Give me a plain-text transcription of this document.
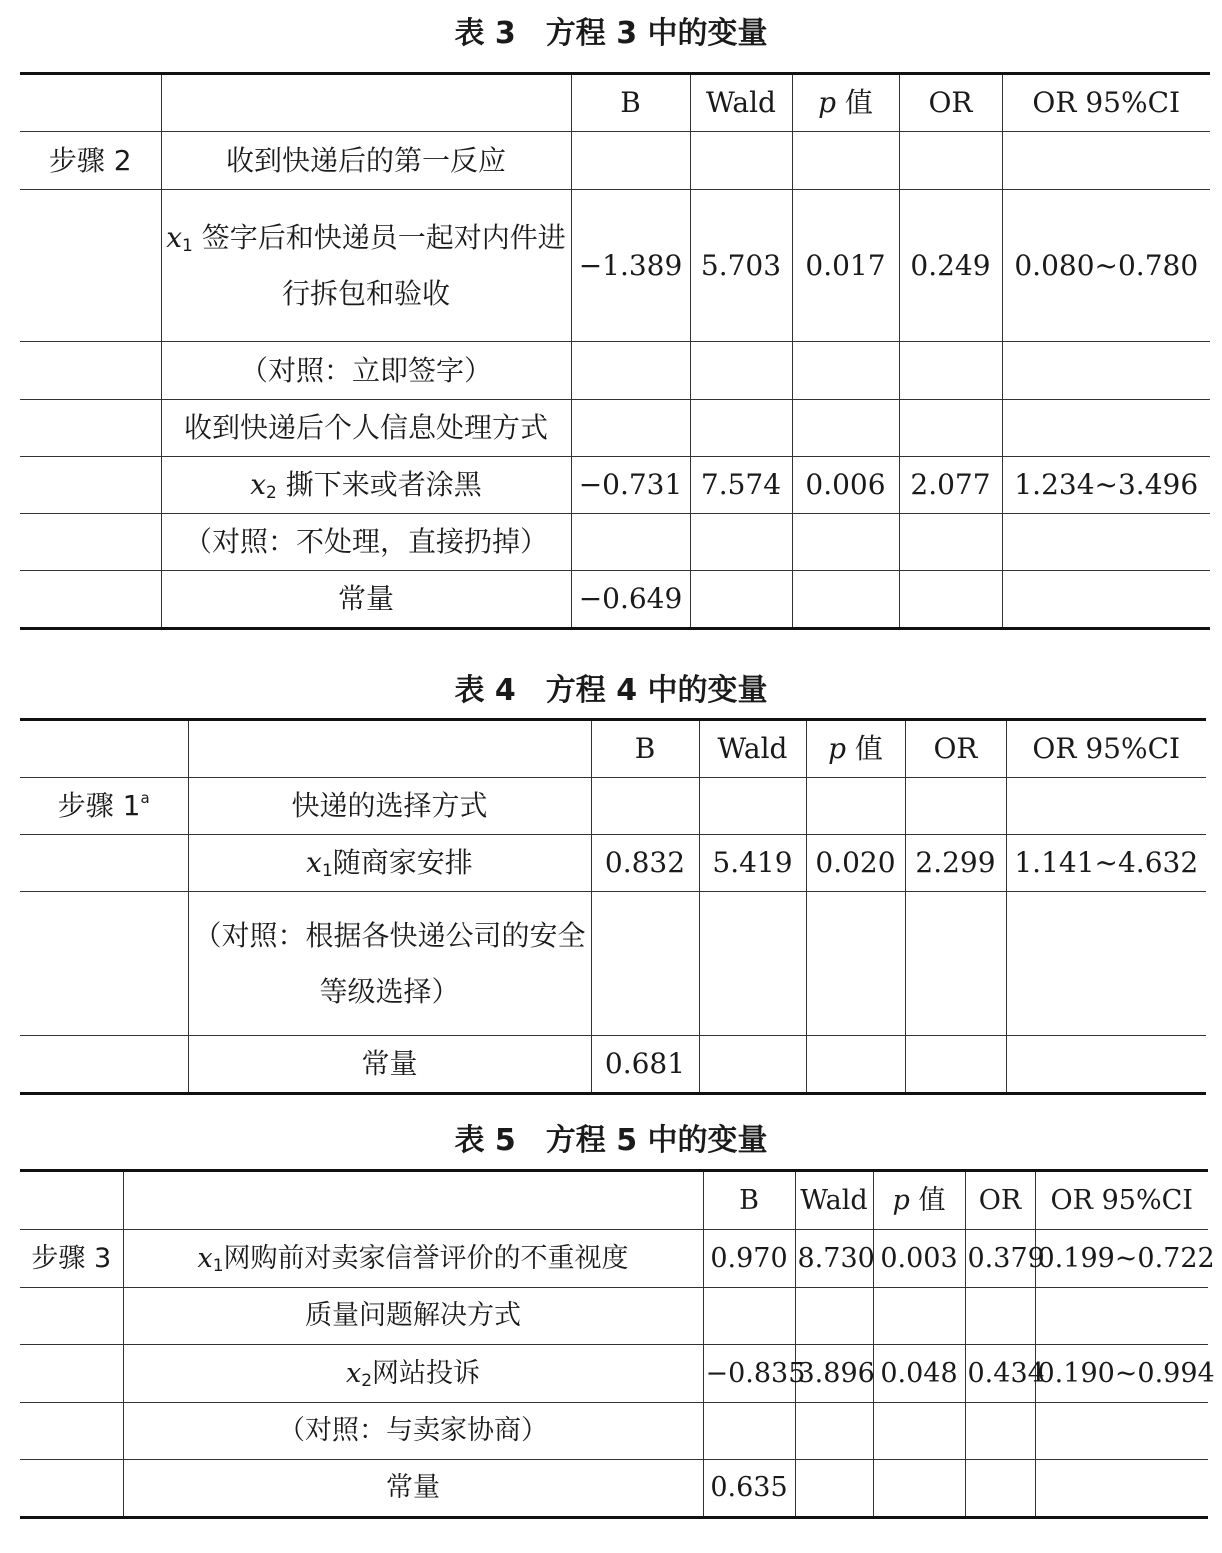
表 3　方程 3 中的变量
		B	Wald	p 值	OR	OR 95%CI
步骤 2	收到快递后的第一反应					
	$x_1$ 签字后和快递员一起对内件进行拆包和验收	−1.389	5.703	0.017	0.249	0.080~0.780
	（对照：立即签字）					
	收到快递后个人信息处理方式					
	$x_2$ 撕下来或者涂黑	−0.731	7.574	0.006	2.077	1.234~3.496
	（对照：不处理，直接扔掉）					
	常量	−0.649				
表 4　方程 4 中的变量
		B	Wald	p 值	OR	OR 95%CI
步骤 1$^a$	快递的选择方式					
	$x_1$随商家安排	0.832	5.419	0.020	2.299	1.141~4.632
	（对照：根据各快递公司的安全等级选择）					
	常量	0.681				
表 5　方程 5 中的变量
		B	Wald	p 值	OR	OR 95%CI
步骤 3	$x_1$网购前对卖家信誉评价的不重视度	0.970	8.730	0.003	0.379	0.199~0.722
	质量问题解决方式					
	$x_2$网站投诉	−0.835	3.896	0.048	0.434	0.190~0.994
	（对照：与卖家协商）					
	常量	0.635				
